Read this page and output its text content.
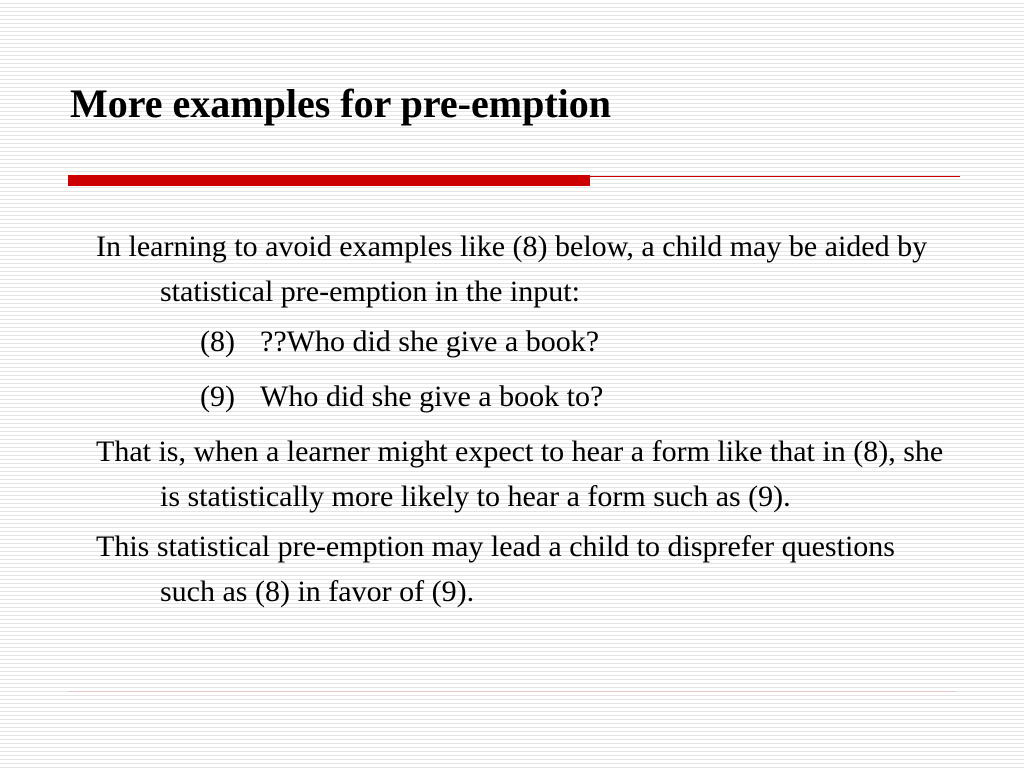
More examples for pre-emption

In learning to avoid examples like (8) below, a child may be aided by statistical pre-emption in the input:

(8) ??Who did she give a book?
(9) Who did she give a book to?

That is, when a learner might expect to hear a form like that in (8), she is statistically more likely to hear a form such as (9).

This statistical pre-emption may lead a child to disprefer questions such as (8) in favor of (9).
